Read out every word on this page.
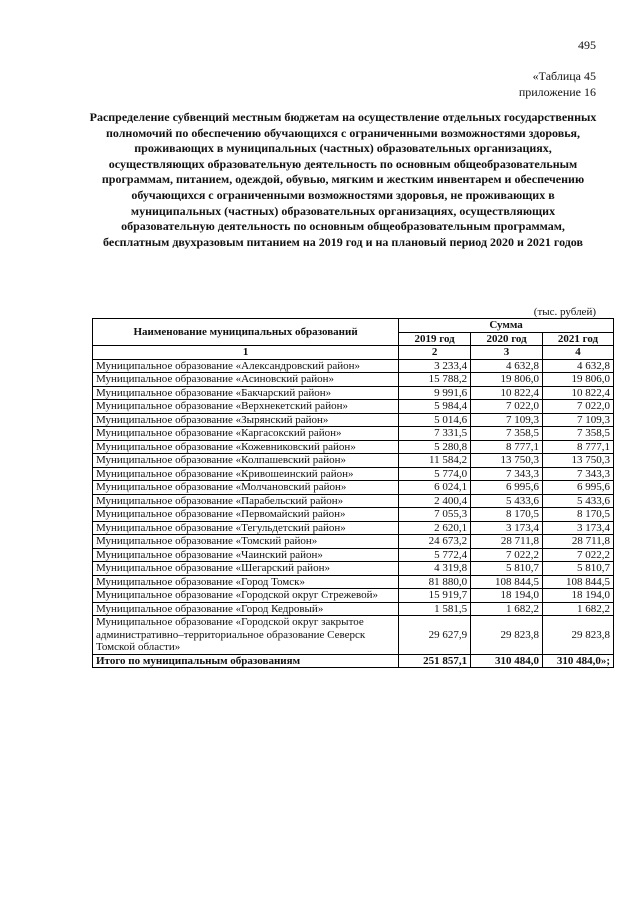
495
«Таблица 45
приложение 16
Распределение субвенций местным бюджетам на осуществление отдельных государственных полномочий по обеспечению обучающихся с ограниченными возможностями здоровья, проживающих в муниципальных (частных) образовательных организациях, осуществляющих образовательную деятельность по основным общеобразовательным программам, питанием, одеждой, обувью, мягким и жестким инвентарем и обеспечению обучающихся с ограниченными возможностями здоровья, не проживающих в муниципальных (частных) образовательных организациях, осуществляющих образовательную деятельность по основным общеобразовательным программам, бесплатным двухразовым питанием на 2019 год и на плановый период 2020 и 2021 годов
(тыс. рублей)
Наименование муниципальных образований	Сумма		
	2019 год	2020 год	2021 год
1	2	3	4
Муниципальное образование «Александровский район»	3 233,4	4 632,8	4 632,8
Муниципальное образование «Асиновский район»	15 788,2	19 806,0	19 806,0
Муниципальное образование «Бакчарский район»	9 991,6	10 822,4	10 822,4
Муниципальное образование «Верхнекетский район»	5 984,4	7 022,0	7 022,0
Муниципальное образование «Зырянский район»	5 014,6	7 109,3	7 109,3
Муниципальное образование «Каргасокский район»	7 331,5	7 358,5	7 358,5
Муниципальное образование «Кожевниковский район»	5 280,8	8 777,1	8 777,1
Муниципальное образование «Колпашевский район»	11 584,2	13 750,3	13 750,3
Муниципальное образование «Кривошеинский район»	5 774,0	7 343,3	7 343,3
Муниципальное образование «Молчановский район»	6 024,1	6 995,6	6 995,6
Муниципальное образование «Парабельский район»	2 400,4	5 433,6	5 433,6
Муниципальное образование «Первомайский район»	7 055,3	8 170,5	8 170,5
Муниципальное образование «Тегульдетский район»	2 620,1	3 173,4	3 173,4
Муниципальное образование «Томский район»	24 673,2	28 711,8	28 711,8
Муниципальное образование «Чаинский район»	5 772,4	7 022,2	7 022,2
Муниципальное образование «Шегарский район»	4 319,8	5 810,7	5 810,7
Муниципальное образование «Город Томск»	81 880,0	108 844,5	108 844,5
Муниципальное образование «Городской округ Стрежевой»	15 919,7	18 194,0	18 194,0
Муниципальное образование «Город Кедровый»	1 581,5	1 682,2	1 682,2
Муниципальное образование «Городской округ закрытое административно–территориальное образование Северск Томской области»	29 627,9	29 823,8	29 823,8
Итого по муниципальным образованиям	251 857,1	310 484,0	310 484,0»;
